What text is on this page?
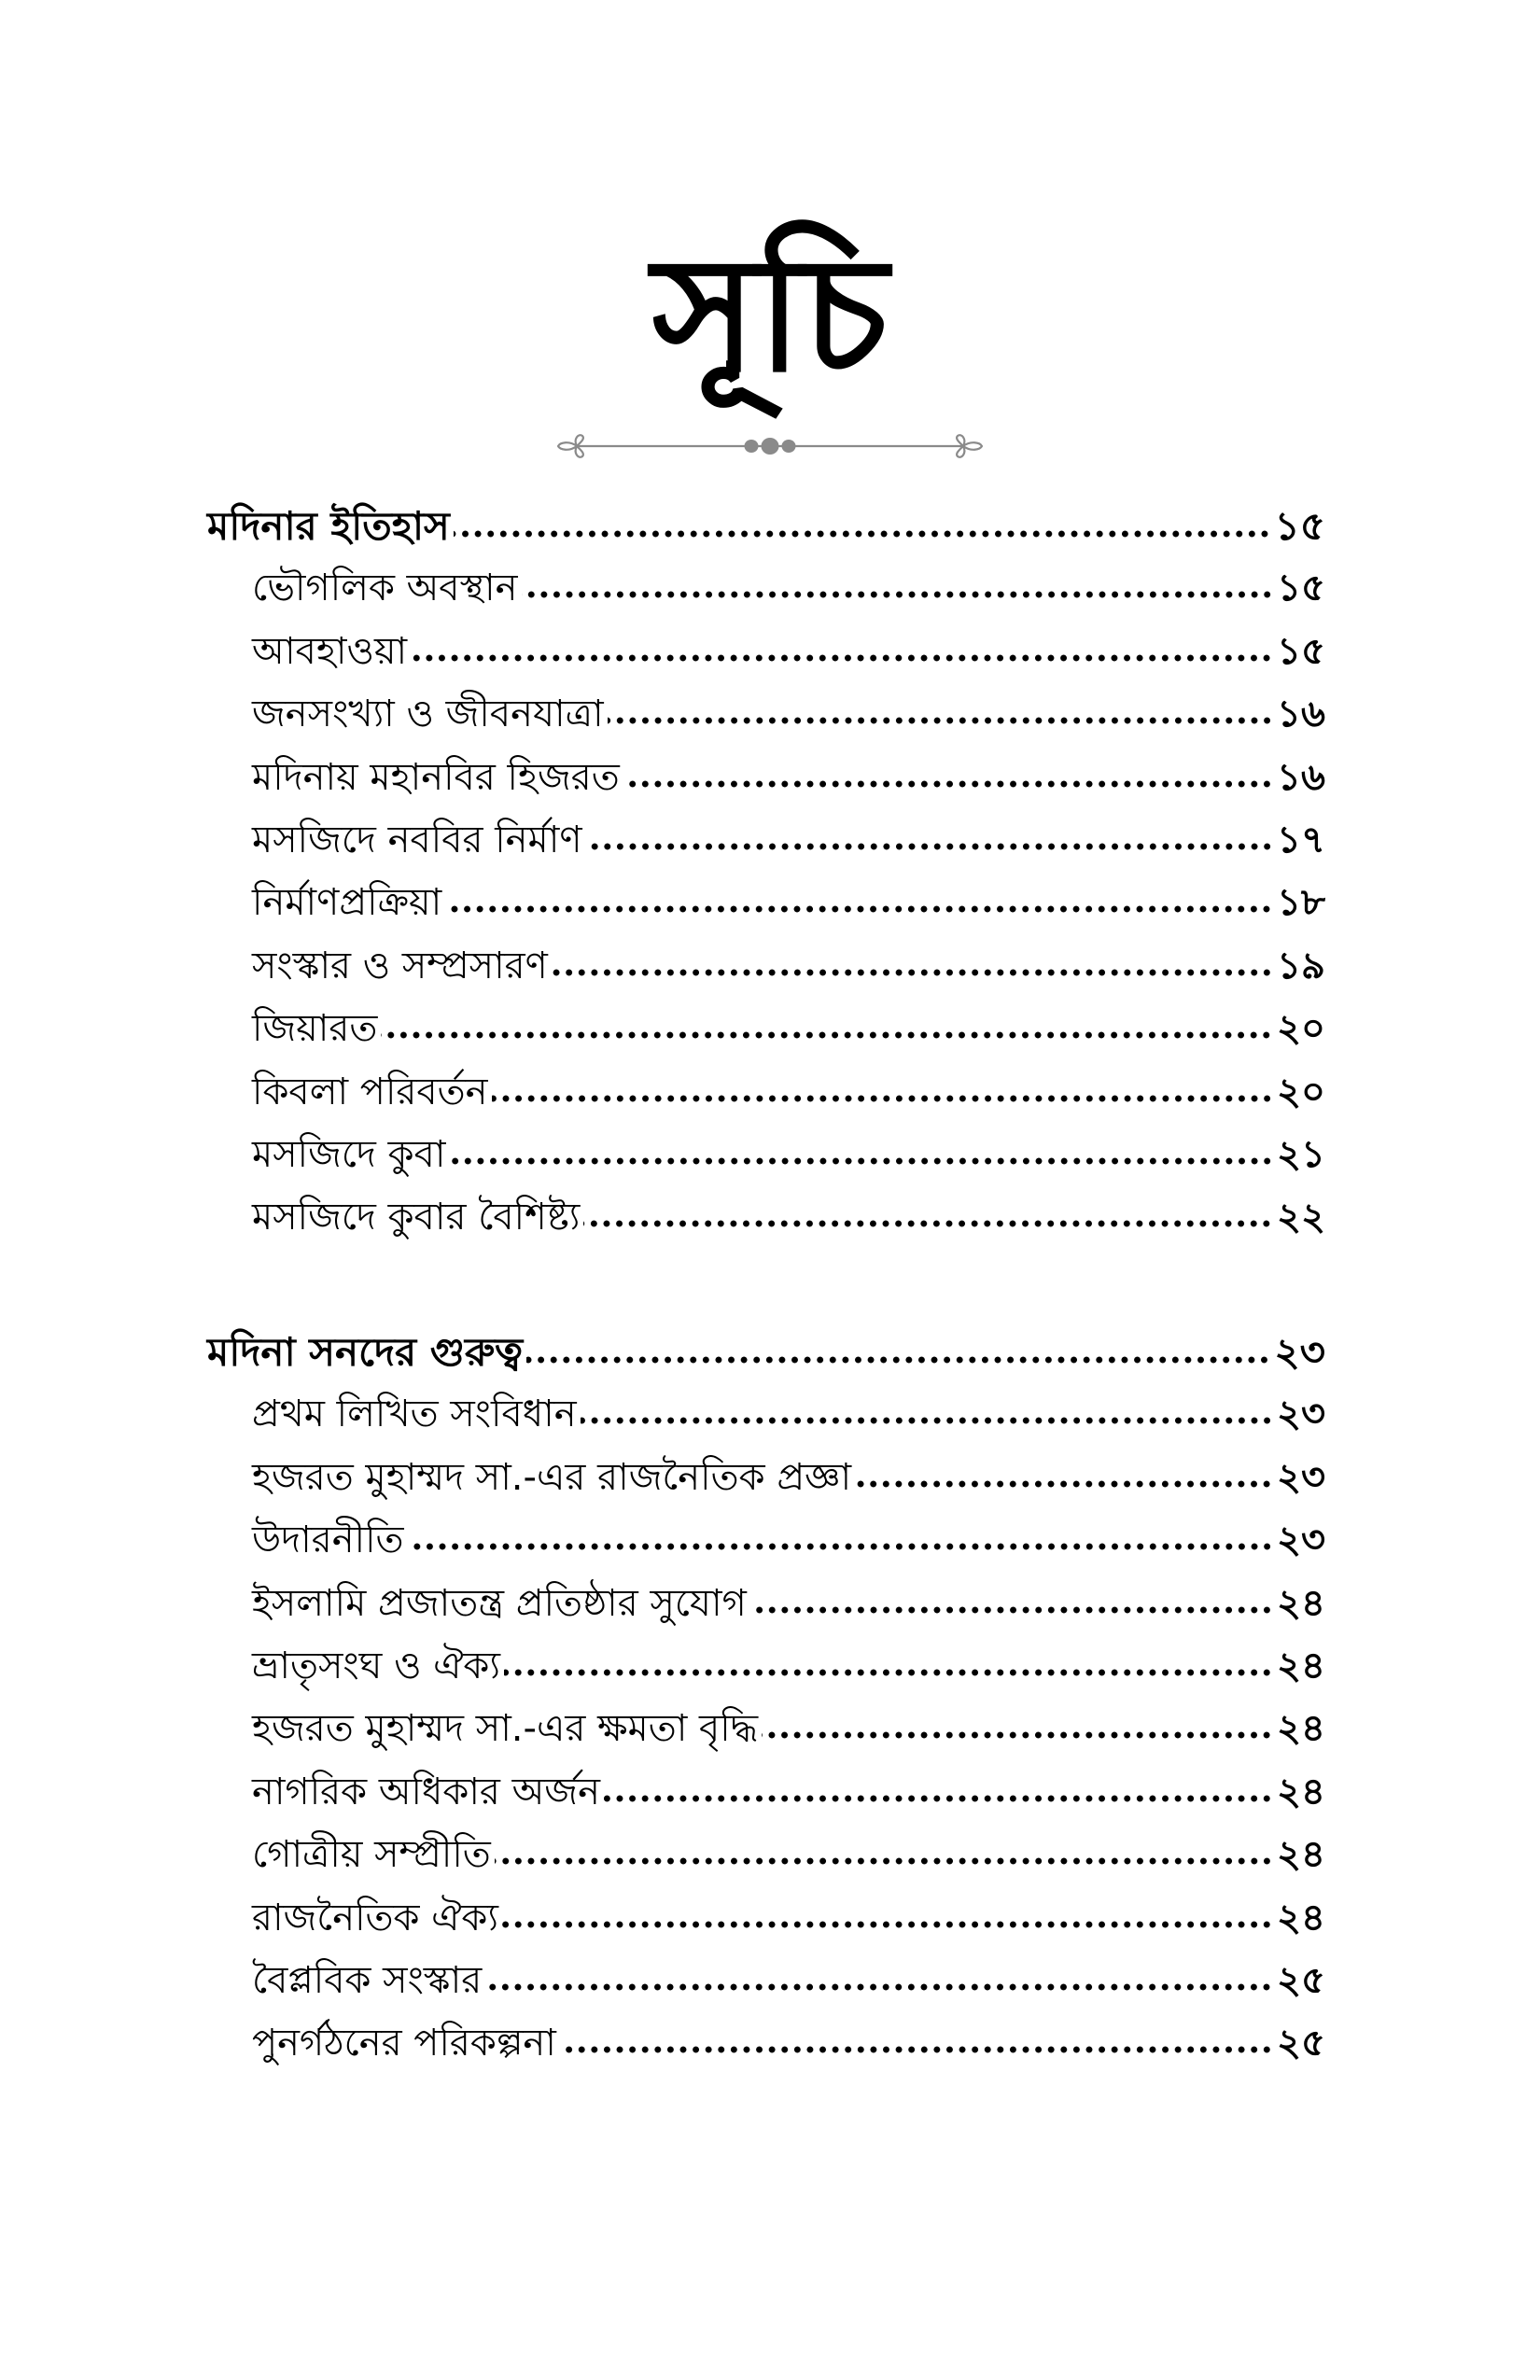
সূচি
মদিনার ইতিহাস	১৫
ভৌগলিক অবস্থান	১৫
আবহাওয়া	১৫
জনসংখ্যা ও জীবনযাত্রা	১৬
মদিনায় মহানবির হিজরত	১৬
মসজিদে নববির নির্মাণ	১৭
নির্মাণপ্রক্রিয়া	১৮
সংস্কার ও সম্প্রসারণ	১৯
জিয়ারত	২০
কিবলা পরিবর্তন	২০
মসজিদে কুবা	২১
মসজিদে কুবার বৈশিষ্ট্য	২২
মদিনা সনদের গুরুত্ব	২৩
প্রথম লিখিত সংবিধান	২৩
হজরত মুহাম্মদ সা.-এর রাজনৈতিক প্রজ্ঞা	২৩
উদারনীতি	২৩
ইসলামি প্রজাতন্ত্র প্রতিষ্ঠার সুযোগ	২৪
ভ্রাতৃসংঘ ও ঐক্য	২৪
হজরত মুহাম্মদ সা.-এর ক্ষমতা বৃদ্ধি	২৪
নাগরিক অধিকার অর্জন	২৪
গোত্রীয় সম্প্রীতি	২৪
রাজনৈতিক ঐক্য	২৪
বৈপ্লবিক সংস্কার	২৫
পুনর্গঠনের পরিকল্পনা	২৫
